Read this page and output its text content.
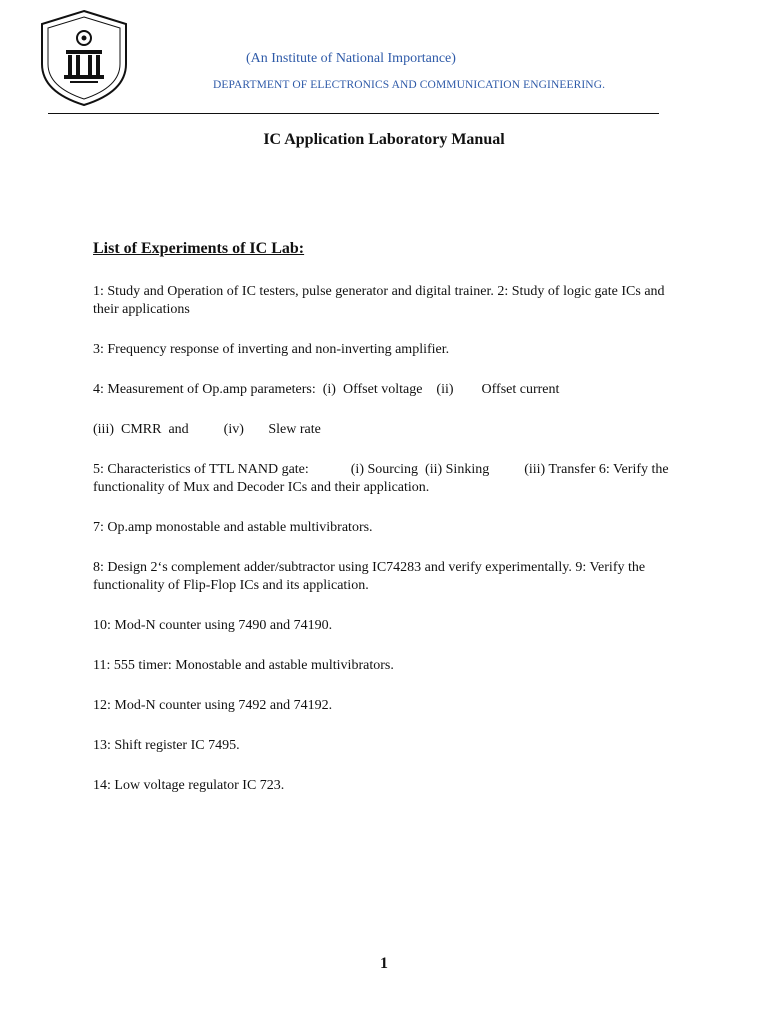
(An Institute of National Importance)
DEPARTMENT OF ELECTRONICS AND COMMUNICATION ENGINEERING.
IC Application Laboratory Manual
List of Experiments of IC Lab:
1: Study and Operation of IC testers, pulse generator and digital trainer. 2: Study of logic gate ICs and their applications
3: Frequency response of inverting and non-inverting amplifier.
4: Measurement of Op.amp parameters:  (i)  Offset voltage    (ii)        Offset current
(iii)  CMRR  and          (iv)       Slew rate
5: Characteristics of TTL NAND gate:            (i) Sourcing  (ii) Sinking          (iii) Transfer 6: Verify the functionality of Mux and Decoder ICs and their application.
7: Op.amp monostable and astable multivibrators.
8: Design 2‘s complement adder/subtractor using IC74283 and verify experimentally. 9: Verify the functionality of Flip-Flop ICs and its application.
10: Mod-N counter using 7490 and 74190.
11: 555 timer: Monostable and astable multivibrators.
12: Mod-N counter using 7492 and 74192.
13: Shift register IC 7495.
14: Low voltage regulator IC 723.
1
